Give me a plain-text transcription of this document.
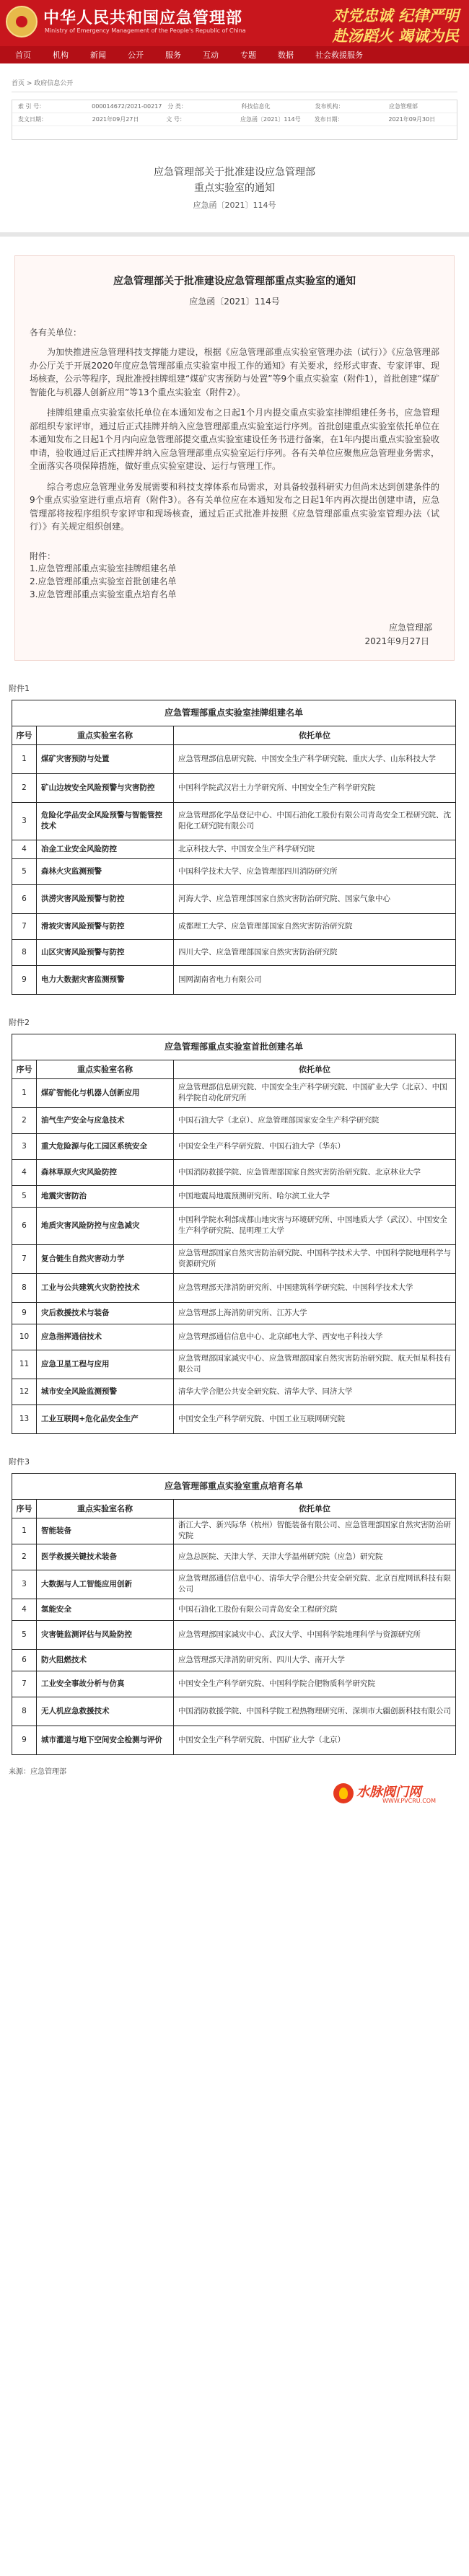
中华人民共和国应急管理部
Ministry of Emergency Management of the People's Republic of China
对党忠诚 纪律严明
赴汤蹈火 竭诚为民
首页	机构	新闻	公开	服务	互动	专题	数据	社会救援服务
首页 > 政府信息公开
索 引 号：	000014672/2021-00217	分 类：	科技信息化	发布机构：	应急管理部
发文日期：	2021年09月27日	文 号：	应急函〔2021〕114号	发布日期：	2021年09月30日
应急管理部关于批准建设应急管理部
重点实验室的通知
应急函〔2021〕114号
应急管理部关于批准建设应急管理部重点实验室的通知
应急函〔2021〕114号
各有关单位：

为加快推进应急管理科技支撑能力建设，根据《应急管理部重点实验室管理办法（试行）》《应急管理部办公厅关于开展2020年度应急管理部重点实验室申报工作的通知》有关要求，经形式审查、专家评审、现场核查，公示等程序，现批准授挂牌组建“煤矿灾害预防与处置”等9个重点实验室（附件1），首批创建“煤矿智能化与机器人创新应用”等13个重点实验室（附件2）。

挂牌组建重点实验室依托单位在本通知发布之日起1个月内提交重点实验室挂牌组建任务书，应急管理部组织专家评审，通过后正式挂牌并纳入应急管理部重点实验室运行序列。首批创建重点实验室依托单位在本通知发布之日起1个月内向应急管理部提交重点实验室建设任务书进行备案，在1年内提出重点实验室验收申请，验收通过后正式挂牌并纳入应急管理部重点实验室运行序列。各有关单位应聚焦应急管理业务需求，全面落实各项保障措施，做好重点实验室建设、运行与管理工作。

综合考虑应急管理业务发展需要和科技支撑体系布局需求，对具备较强科研实力但尚未达到创建条件的9个重点实验室进行重点培育（附件3）。各有关单位应在本通知发布之日起1年内再次提出创建申请，应急管理部将按程序组织专家评审和现场核查，通过后正式批准并按照《应急管理部重点实验室管理办法（试行）》有关规定组织创建。

附件：
1.应急管理部重点实验室挂牌组建名单
2.应急管理部重点实验室首批创建名单
3.应急管理部重点实验室重点培育名单
应急管理部
2021年9月27日
附件1
应急管理部重点实验室挂牌组建名单		
序号	重点实验室名称	依托单位
1	煤矿灾害预防与处置	应急管理部信息研究院、中国安全生产科学研究院、重庆大学、山东科技大学
2	矿山边坡安全风险预警与灾害防控	中国科学院武汉岩土力学研究所、中国安全生产科学研究院
3	危险化学品安全风险预警与智能管控技术	应急管理部化学品登记中心、中国石油化工股份有限公司青岛安全工程研究院、沈阳化工研究院有限公司
4	冶金工业安全风险防控	北京科技大学、中国安全生产科学研究院
5	森林火灾监测预警	中国科学技术大学、应急管理部四川消防研究所
6	洪涝灾害风险预警与防控	河海大学、应急管理部国家自然灾害防治研究院、国家气象中心
7	滑坡灾害风险预警与防控	成都理工大学、应急管理部国家自然灾害防治研究院
8	山区灾害风险预警与防控	四川大学、应急管理部国家自然灾害防治研究院
9	电力大数据灾害监测预警	国网湖南省电力有限公司
附件2
应急管理部重点实验室首批创建名单		
序号	重点实验室名称	依托单位
1	煤矿智能化与机器人创新应用	应急管理部信息研究院、中国安全生产科学研究院、中国矿业大学（北京）、中国科学院自动化研究所
2	油气生产安全与应急技术	中国石油大学（北京）、应急管理部国家安全生产科学研究院
3	重大危险源与化工园区系统安全	中国安全生产科学研究院、中国石油大学（华东）
4	森林草原火灾风险防控	中国消防救援学院、应急管理部国家自然灾害防治研究院、北京林业大学
5	地震灾害防治	中国地震局地震预测研究所、哈尔滨工业大学
6	地质灾害风险防控与应急减灾	中国科学院水利部成都山地灾害与环境研究所、中国地质大学（武汉）、中国安全生产科学研究院、昆明理工大学
7	复合链生自然灾害动力学	应急管理部国家自然灾害防治研究院、中国科学技术大学、中国科学院地理科学与资源研究所
8	工业与公共建筑火灾防控技术	应急管理部天津消防研究所、中国建筑科学研究院、中国科学技术大学
9	灾后救援技术与装备	应急管理部上海消防研究所、江苏大学
10	应急指挥通信技术	应急管理部通信信息中心、北京邮电大学、西安电子科技大学
11	应急卫星工程与应用	应急管理部国家减灾中心、应急管理部国家自然灾害防治研究院、航天恒星科技有限公司
12	城市安全风险监测预警	清华大学合肥公共安全研究院、清华大学、同济大学
13	工业互联网+危化品安全生产	中国安全生产科学研究院、中国工业互联网研究院
附件3
应急管理部重点实验室重点培育名单		
序号	重点实验室名称	依托单位
1	智能装备	浙江大学、新兴际华（杭州）智能装备有限公司、应急管理部国家自然灾害防治研究院
2	医学救援关键技术装备	应急总医院、天津大学、天津大学温州研究院（应急）研究院
3	大数据与人工智能应用创新	应急管理部通信信息中心、清华大学合肥公共安全研究院、北京百度网讯科技有限公司
4	氢能安全	中国石油化工股份有限公司青岛安全工程研究院
5	灾害链监测评估与风险防控	应急管理部国家减灾中心、武汉大学、中国科学院地理科学与资源研究所
6	防火阻燃技术	应急管理部天津消防研究所、四川大学、南开大学
7	工业安全事故分析与仿真	中国安全生产科学研究院、中国科学院合肥物质科学研究院
8	无人机应急救援技术	中国消防救援学院、中国科学院工程热物理研究所、深圳市大疆创新科技有限公司
9	城市灌道与地下空间安全检测与评价	中国安全生产科学研究院、中国矿业大学（北京）
来源：应急管理部
水脉阀门网
WWW.PVCRU.COM
